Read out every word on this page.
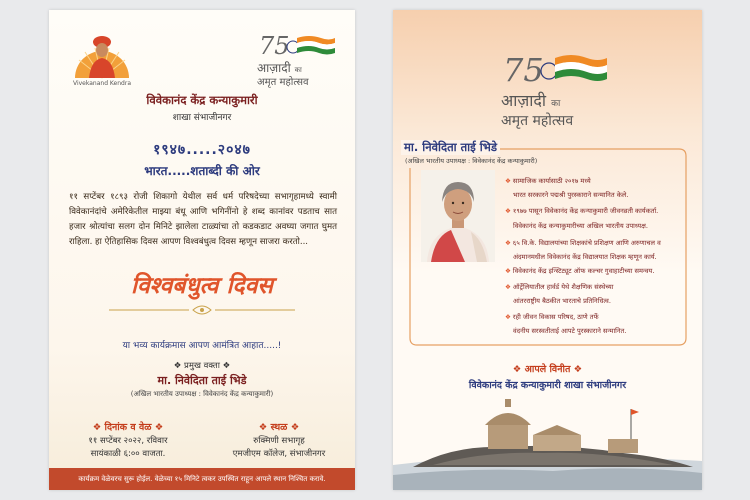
Vivekanand Kendra
75
आज़ादी का
अमृत महोत्सव
विवेकानंद केंद्र कन्याकुमारी
शाखा संभाजीनगर
१९४७.....२०४७
भारत.....शताब्दी की ओर
११ सप्टेंबर १८९३ रोजी शिकागो येथील सर्व धर्म परिषदेच्या सभागृहामध्ये स्वामी विवेकानंदांचे अमेरिकेतील माझ्या बंधू आणि भगिनींनो हे शब्द कानांवर पडताच सात हजार श्रोत्यांचा सलग दोन मिनिटे झालेला टाळ्यांचा तो कडकडाट अवघ्या जगात घुमत राहिला. हा ऐतिहासिक दिवस आपण विश्वबंधुत्व दिवस म्हणून साजरा करतो...
विश्वबंधुत्व दिवस
या भव्य कार्यक्रमास आपण आमंत्रित आहात.....!
❖ प्रमुख वक्ता ❖
मा. निवेदिता ताई भिडे
(अखिल भारतीय उपाध्यक्ष : विवेकानंद केंद्र कन्याकुमारी)
❖ दिनांक व वेळ ❖
११ सप्टेंबर २०२२, रविवार
सायंकाळी ६:०० वाजता.
❖ स्थळ ❖
रुक्मिणी सभागृह
एमजीएम कॉलेज, संभाजीनगर
कार्यक्रम वेळेवरच सुरू होईल. वेळेच्या १५ मिनिटे त्वकर उपस्थित राहून आपले स्थान निश्चित करावे.
75
आज़ादी का
अमृत महोत्सव
मा. निवेदिता ताई भिडे
(अखिल भारतीय उपाध्यक्ष : विवेकानंद केंद्र कन्याकुमारी)
❖ सामाजिक कार्यासाठी २०१७ मध्ये
भारत सरकारने पद्मश्री पुरस्काराने सन्मानित केले.
❖ १९७७ पासून विवेकानंद केंद्र कन्याकुमारी जीवनव्रती कार्यकर्ता.
विवेकानंद केंद्र कन्याकुमारीच्या अखिल भारतीय उपाध्यक्ष.
❖ ६५ वि.के. विद्यालयांच्या शिक्षकांचे प्रशिक्षण आणि अरुणाचल व
अंदमानमधील विवेकानंद केंद्र विद्यालयात शिक्षक म्हणून कार्य.
❖ विवेकानंद केंद्र इन्स्टिट्यूट ऑफ कल्चर गुवाहाटीच्या समन्वय.
❖ ऑर्ट्रेलियातील हार्वर्ड येथे शैक्षणिक संस्थेच्या
आंतरराष्ट्रीय बैठकीत भारताचे प्रतिनिधित्व.
❖ रही जीवन विकास परिषद, ठाणे तर्फे
वंदनीय सरस्वतीताई आपटे पुरस्काराने सन्मानित.
❖ आपले विनीत ❖
विवेकानंद केंद्र कन्याकुमारी शाखा संभाजीनगर
